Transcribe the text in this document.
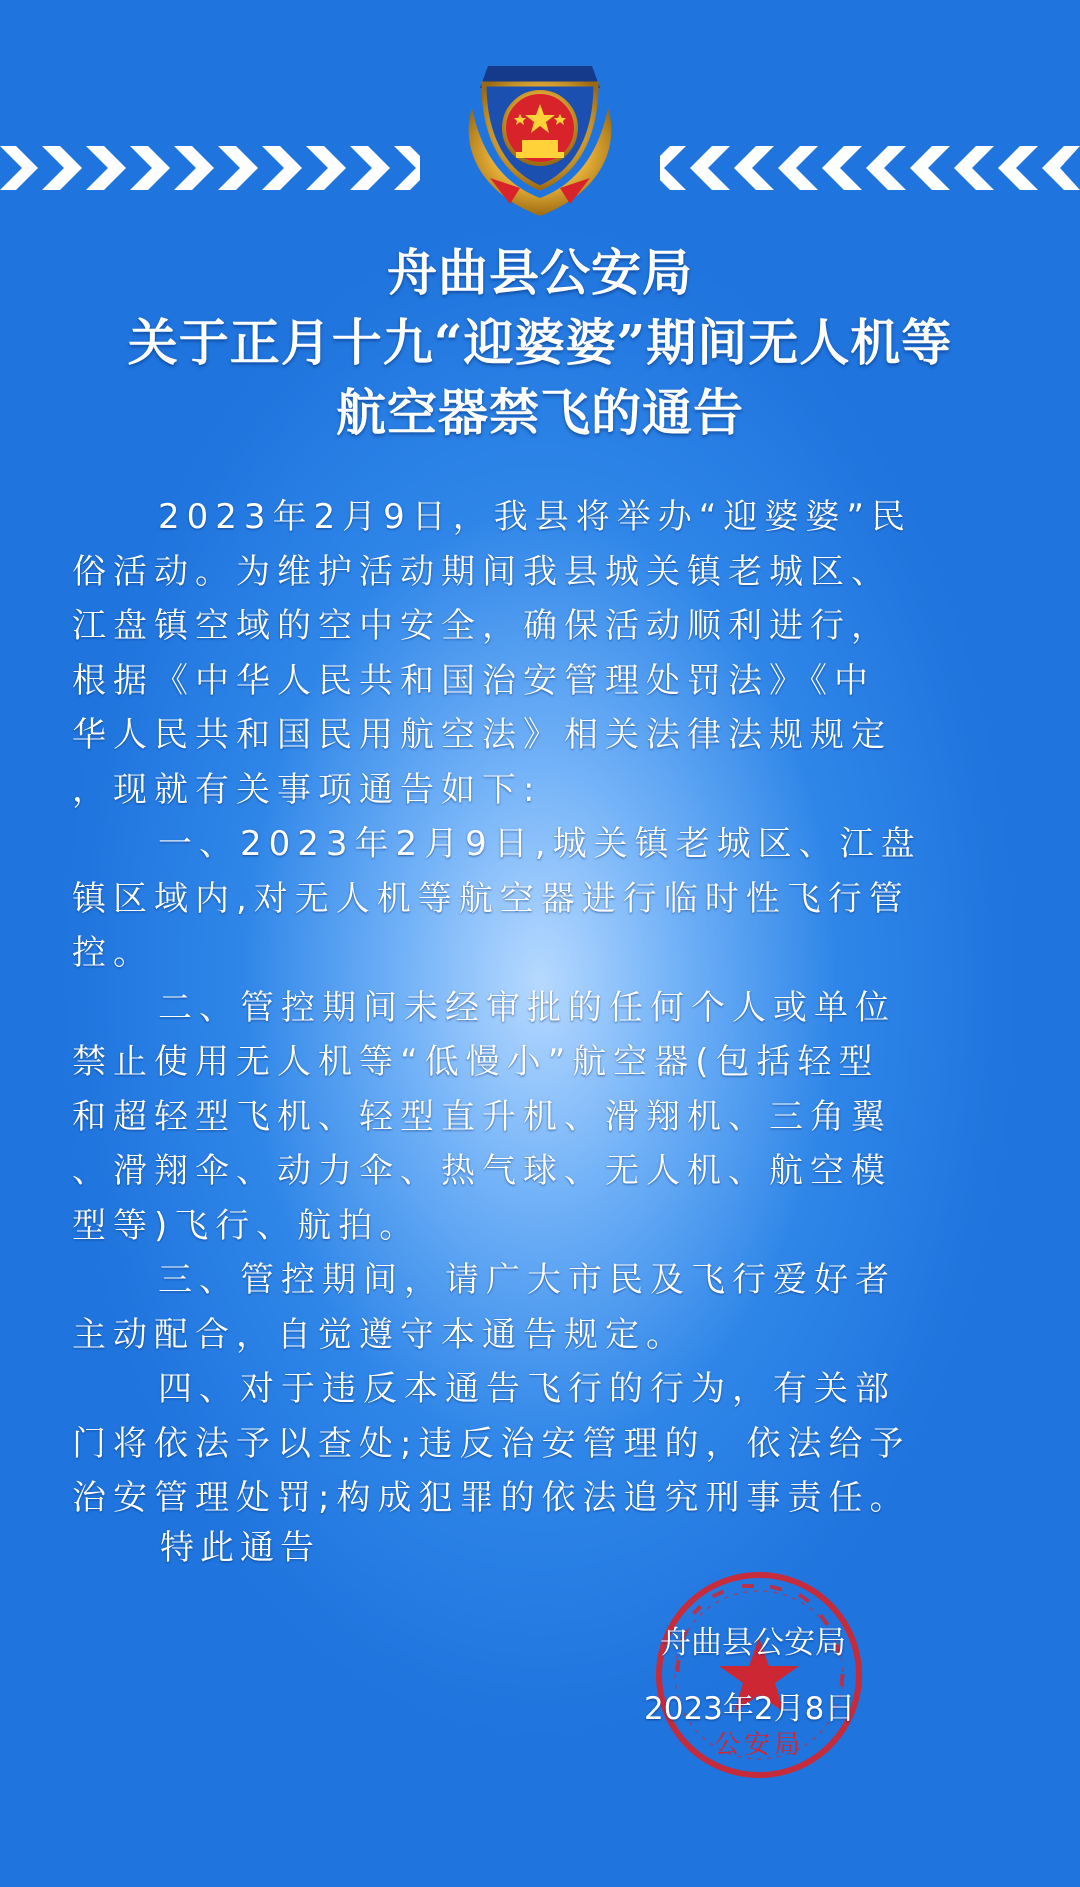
舟曲县公安局
关于正月十九“迎婆婆”期间无人机等
航空器禁飞的通告
2023年2月9日，我县将举办“迎婆婆”民
俗活动。为维护活动期间我县城关镇老城区、
江盘镇空域的空中安全，确保活动顺利进行，
根据《中华人民共和国治安管理处罚法》《中
华人民共和国民用航空法》相关法律法规规定
，现就有关事项通告如下:
一、2023年2月9日,城关镇老城区、江盘
镇区域内,对无人机等航空器进行临时性飞行管
控。
二、管控期间未经审批的任何个人或单位
禁止使用无人机等“低慢小”航空器(包括轻型
和超轻型飞机、轻型直升机、滑翔机、三角翼
、滑翔伞、动力伞、热气球、无人机、航空模
型等)飞行、航拍。
三、管控期间，请广大市民及飞行爱好者
主动配合，自觉遵守本通告规定。
四、对于违反本通告飞行的行为，有关部
门将依法予以查处;违反治安管理的，依法给予
治安管理处罚;构成犯罪的依法追究刑事责任。
特此通告
公安局
舟曲县公安局
2023年2月8日
